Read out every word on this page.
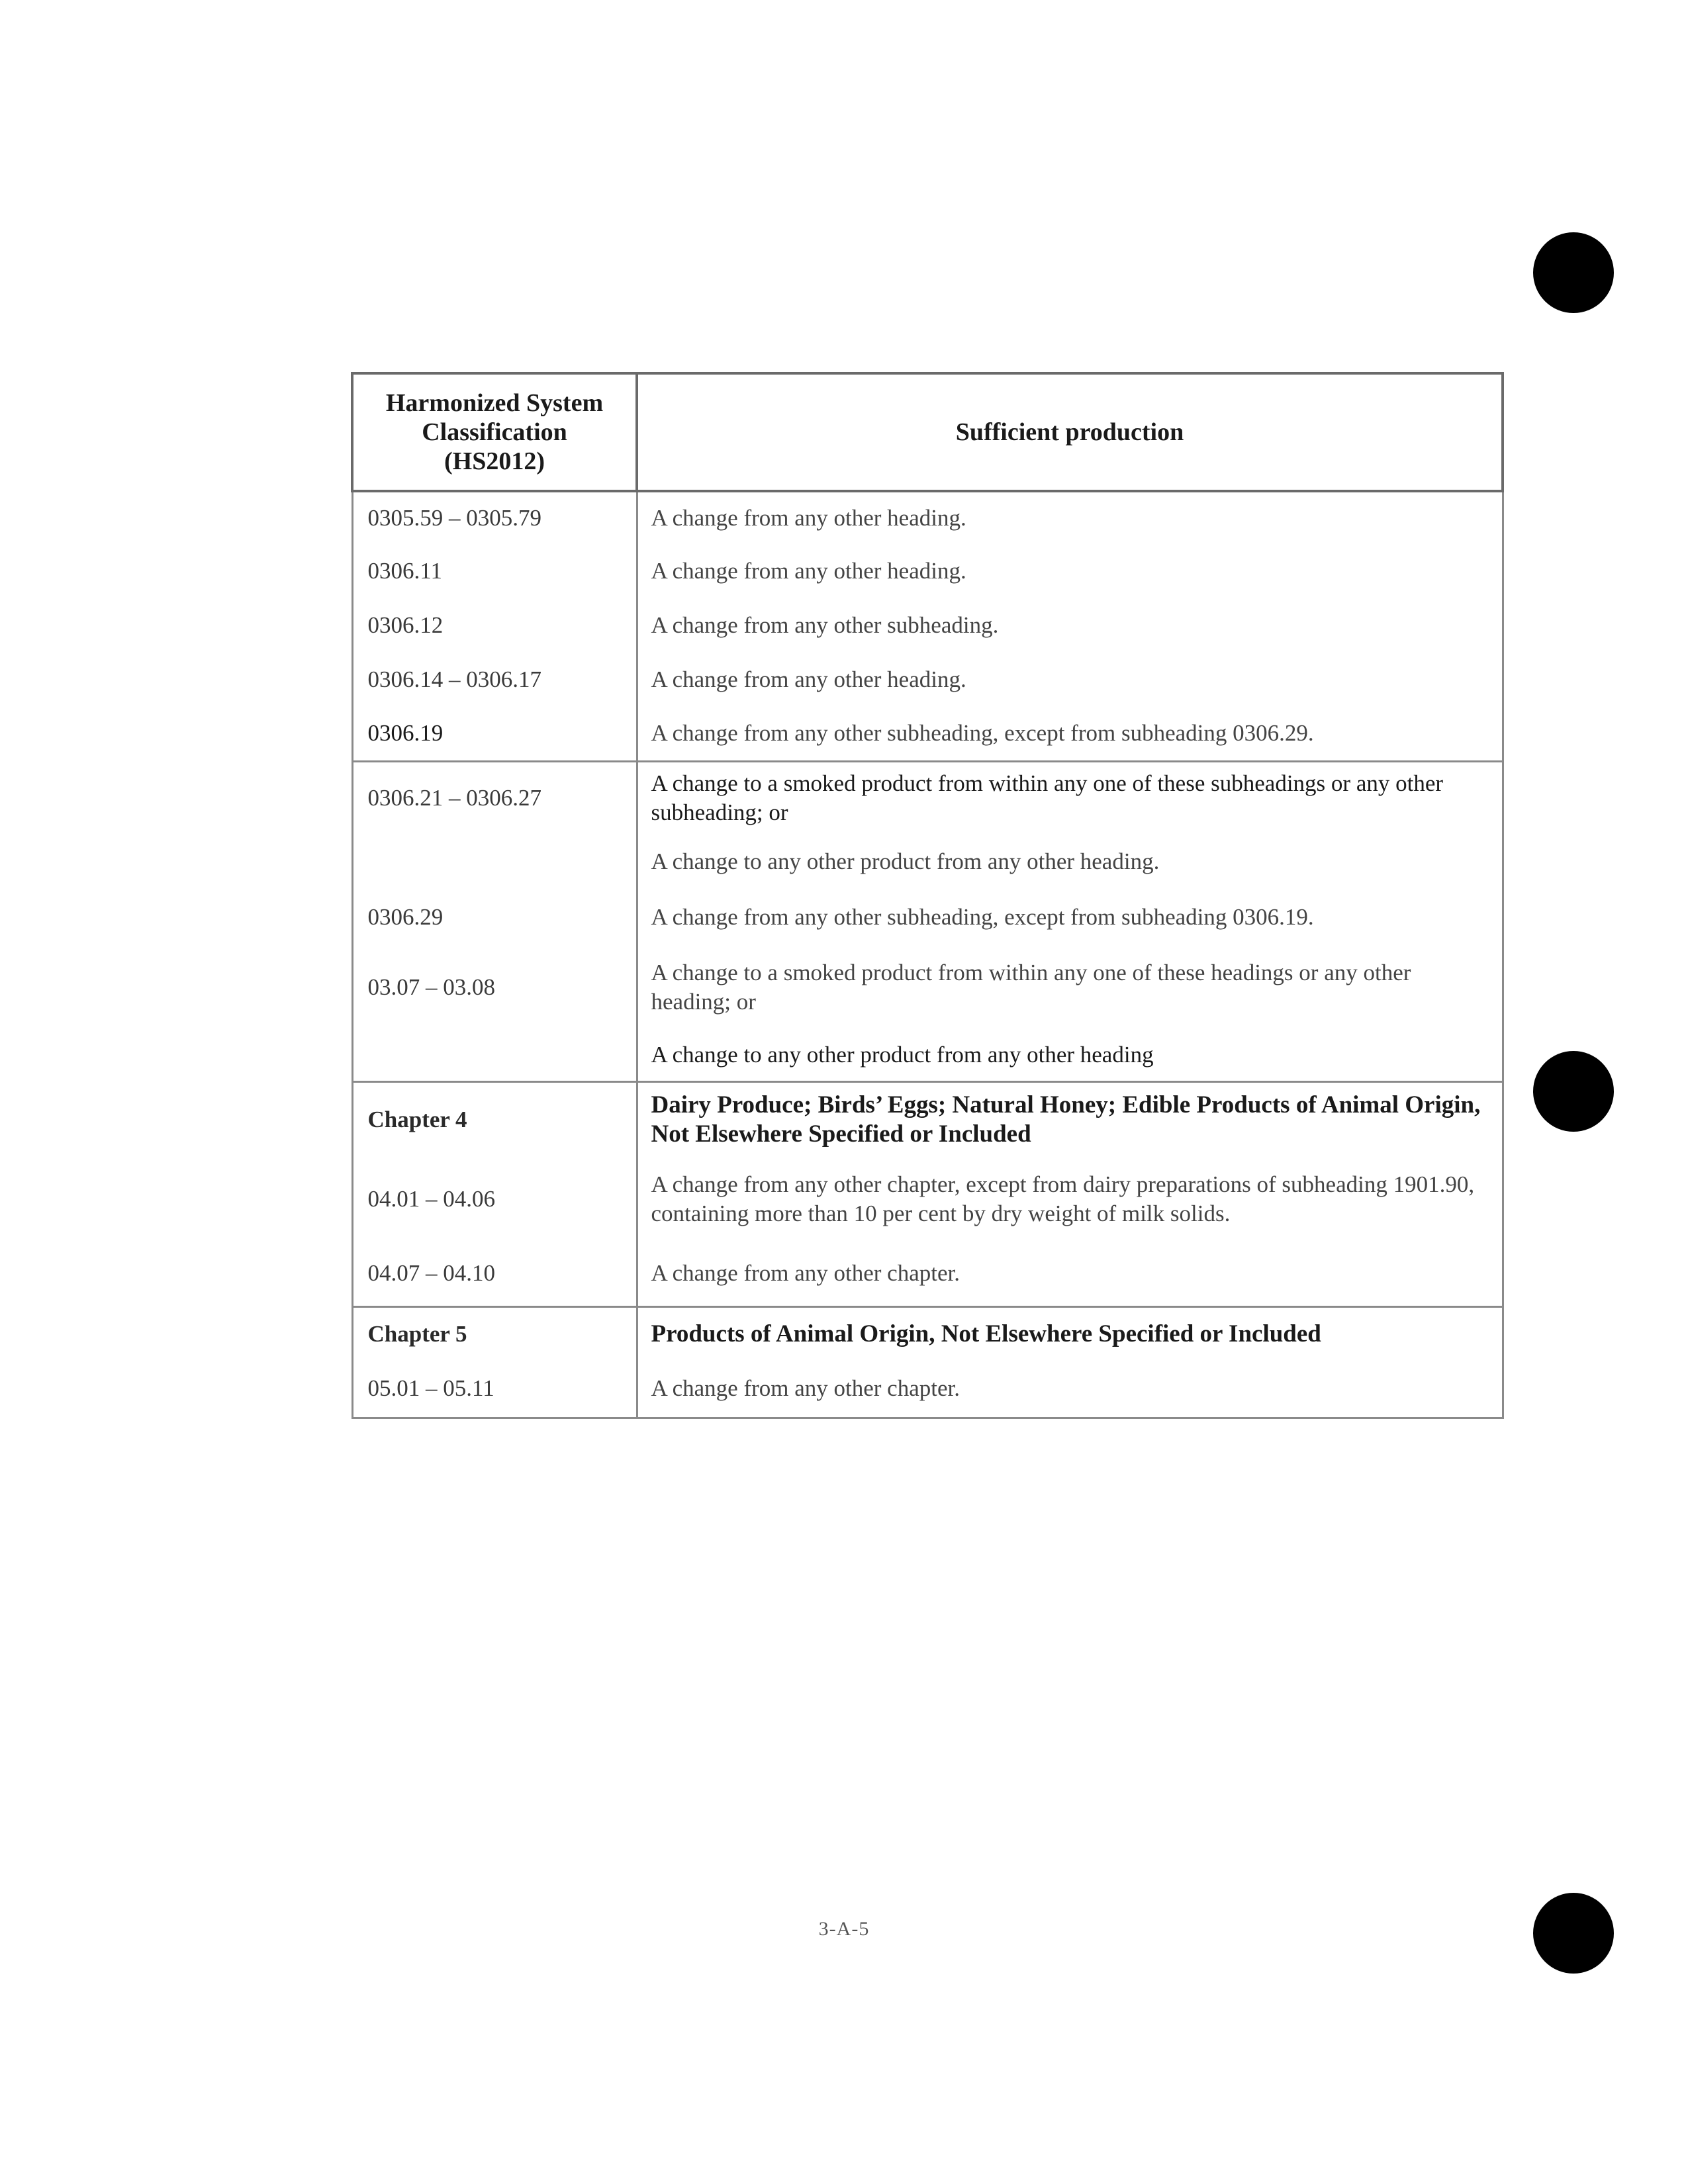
Harmonized System
Classification
(HS2012)	Sufficient production
0305.59 – 0305.79	A change from any other heading.
0306.11	A change from any other heading.
0306.12	A change from any other subheading.
0306.14 – 0306.17	A change from any other heading.
0306.19	A change from any other subheading, except from subheading 0306.29.
0306.21 – 0306.27	A change to a smoked product from within any one of these subheadings or any other subheading; or
	A change to any other product from any other heading.
0306.29	A change from any other subheading, except from subheading 0306.19.
03.07 – 03.08	A change to a smoked product from within any one of these headings or any other heading; or
	A change to any other product from any other heading
Chapter 4	Dairy Produce; Birds’ Eggs; Natural Honey; Edible Products of Animal Origin, Not Elsewhere Specified or Included
04.01 – 04.06	A change from any other chapter, except from dairy preparations of subheading 1901.90, containing more than 10 per cent by dry weight of milk solids.
04.07 – 04.10	A change from any other chapter.
Chapter 5	Products of Animal Origin, Not Elsewhere Specified or Included
05.01 – 05.11	A change from any other chapter.
3-A-5
